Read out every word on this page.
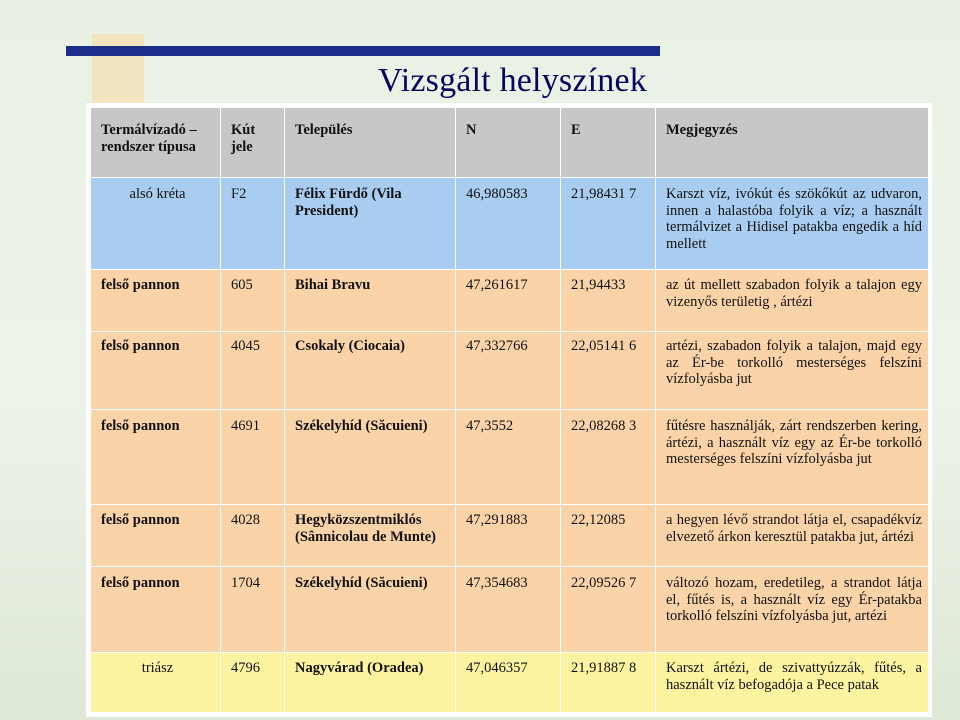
Vizsgált helyszínek
Termálvízadó –rendszer típusa	Kút jele	Település	N	E	Megjegyzés
alsó kréta	F2	Félix Fürdő (Vila President)	46,980583	21,98431 7	Karszt víz, ivókút és szökőkút az udvaron, innen a halastóba folyik a víz; a használt termálvizet a Hidisel patakba engedik a híd mellett
felső pannon	605	Bihai Bravu	47,261617	21,94433	az út mellett szabadon folyik a talajon egy vizenyős területig , ártézi
felső pannon	4045	Csokaly (Ciocaia)	47,332766	22,05141 6	artézi, szabadon folyik a talajon, majd egy az Ér-be torkolló mesterséges felszíni vízfolyásba jut
felső pannon	4691	Székelyhíd (Săcuieni)	47,3552	22,08268 3	fűtésre használják, zárt rendszerben kering, ártézi, a használt víz egy az Ér-be torkolló mesterséges felszíni vízfolyásba jut
felső pannon	4028	Hegyközszentmiklós (Sânnicolau de Munte)	47,291883	22,12085	a hegyen lévő strandot látja el, csapadékvíz elvezető árkon keresztül patakba jut, ártézi
felső pannon	1704	Székelyhíd (Săcuieni)	47,354683	22,09526 7	változó hozam, eredetileg, a strandot látja el, fűtés is, a használt víz egy Ér-patakba torkolló felszíni vízfolyásba jut, artézi
triász	4796	Nagyvárad (Oradea)	47,046357	21,91887 8	Karszt ártézi, de szivattyúzzák, fűtés, a használt víz befogadója a Pece patak
